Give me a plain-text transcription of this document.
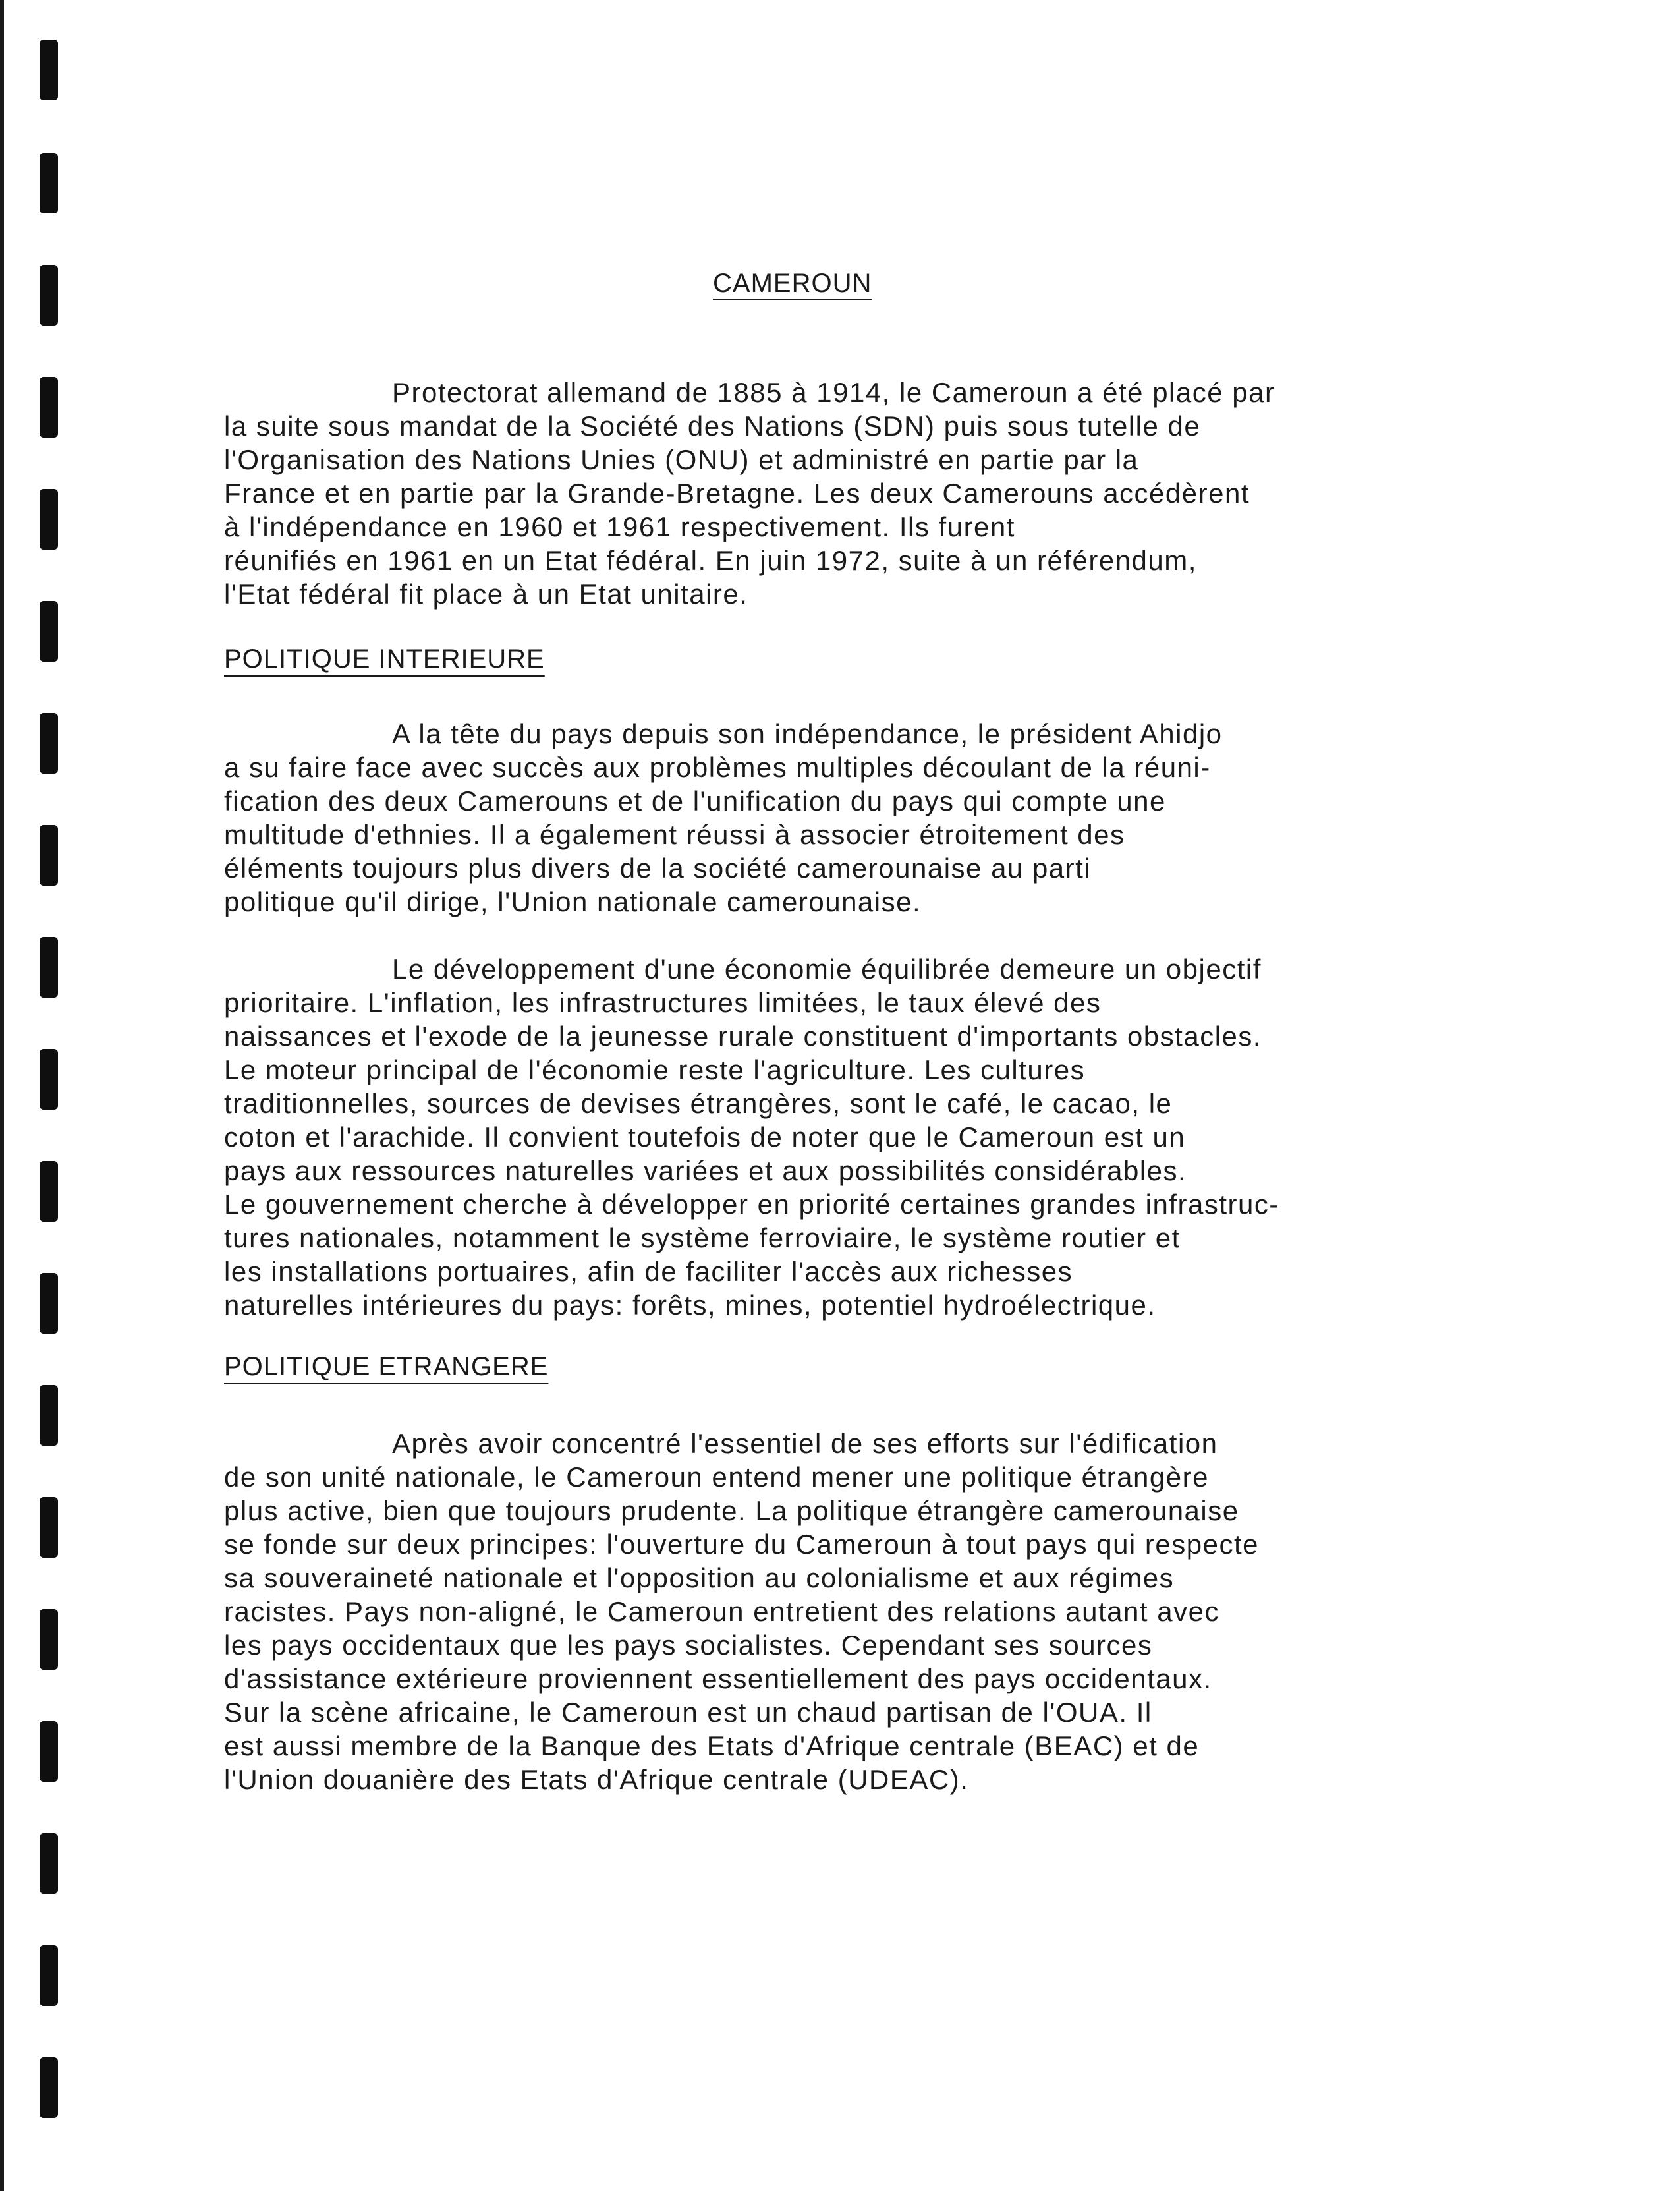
CAMEROUN
Protectorat allemand de 1885 à 1914, le Cameroun a été placé par
la suite sous mandat de la Société des Nations (SDN) puis sous tutelle de
l'Organisation des Nations Unies (ONU) et administré en partie par la
France et en partie par la Grande-Bretagne. Les deux Camerouns accédèrent
à l'indépendance en 1960 et 1961 respectivement. Ils furent
réunifiés en 1961 en un Etat fédéral. En juin 1972, suite à un référendum,
l'Etat fédéral fit place à un Etat unitaire.
POLITIQUE INTERIEURE
A la tête du pays depuis son indépendance, le président Ahidjo
a su faire face avec succès aux problèmes multiples découlant de la réuni-
fication des deux Camerouns et de l'unification du pays qui compte une
multitude d'ethnies. Il a également réussi à associer étroitement des
éléments toujours plus divers de la société camerounaise au parti
politique qu'il dirige, l'Union nationale camerounaise.
Le développement d'une économie équilibrée demeure un objectif
prioritaire. L'inflation, les infrastructures limitées, le taux élevé des
naissances et l'exode de la jeunesse rurale constituent d'importants obstacles.
Le moteur principal de l'économie reste l'agriculture. Les cultures
traditionnelles, sources de devises étrangères, sont le café, le cacao, le
coton et l'arachide. Il convient toutefois de noter que le Cameroun est un
pays aux ressources naturelles variées et aux possibilités considérables.
Le gouvernement cherche à développer en priorité certaines grandes infrastruc-
tures nationales, notamment le système ferroviaire, le système routier et
les installations portuaires, afin de faciliter l'accès aux richesses
naturelles intérieures du pays: forêts, mines, potentiel hydroélectrique.
POLITIQUE ETRANGERE
Après avoir concentré l'essentiel de ses efforts sur l'édification
de son unité nationale, le Cameroun entend mener une politique étrangère
plus active, bien que toujours prudente. La politique étrangère camerounaise
se fonde sur deux principes: l'ouverture du Cameroun à tout pays qui respecte
sa souveraineté nationale et l'opposition au colonialisme et aux régimes
racistes. Pays non-aligné, le Cameroun entretient des relations autant avec
les pays occidentaux que les pays socialistes. Cependant ses sources
d'assistance extérieure proviennent essentiellement des pays occidentaux.
Sur la scène africaine, le Cameroun est un chaud partisan de l'OUA. Il
est aussi membre de la Banque des Etats d'Afrique centrale (BEAC) et de
l'Union douanière des Etats d'Afrique centrale (UDEAC).
